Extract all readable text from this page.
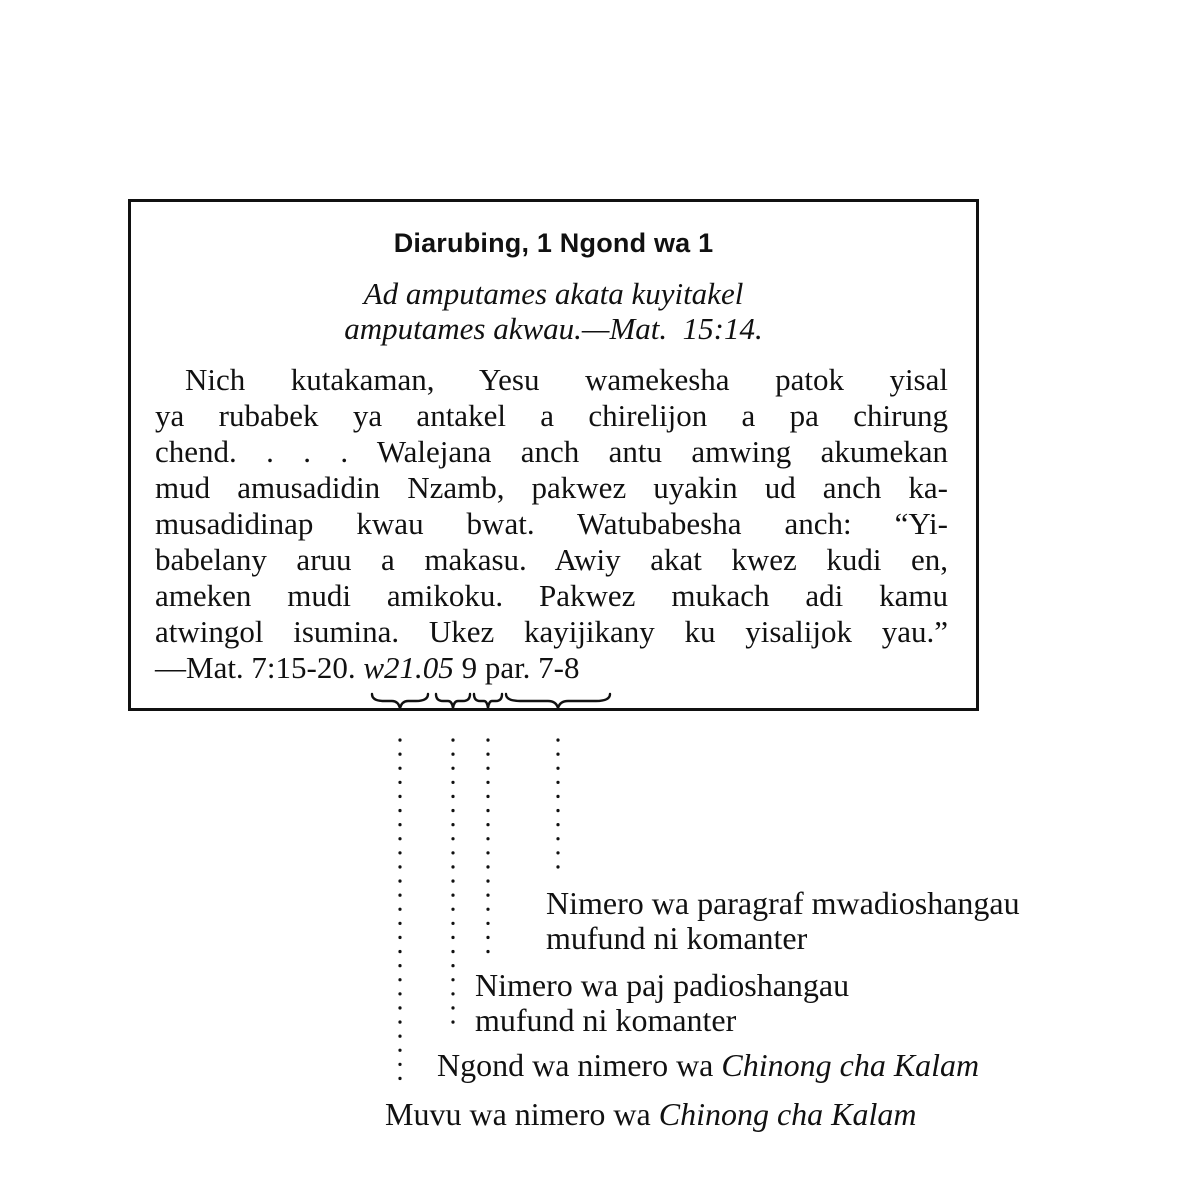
Diarubing, 1 Ngond wa 1
Ad amputames akata kuyitakel
amputames akwau.—Mat.  15:14.
Nich kutakaman, Yesu wamekesha patok yisal
ya rubabek ya antakel a chirelijon a pa chirung
chend. . . . Walejana anch antu amwing akumekan
mud amusadidin Nzamb, pakwez uyakin ud anch ka-
musadidinap kwau bwat. Watubabesha anch: “Yi-
babelany aruu a makasu. Awiy akat kwez kudi en,
ameken mudi amikoku. Pakwez mukach adi kamu
atwingol isumina. Ukez kayijikany ku yisalijok yau.”
—Mat. 7:15-20. w21.05 9 par. 7-8
Nimero wa paragraf mwadioshangau
mufund ni komanter
Nimero wa paj padioshangau
mufund ni komanter
Ngond wa nimero wa Chinong cha Kalam
Muvu wa nimero wa Chinong cha Kalam
